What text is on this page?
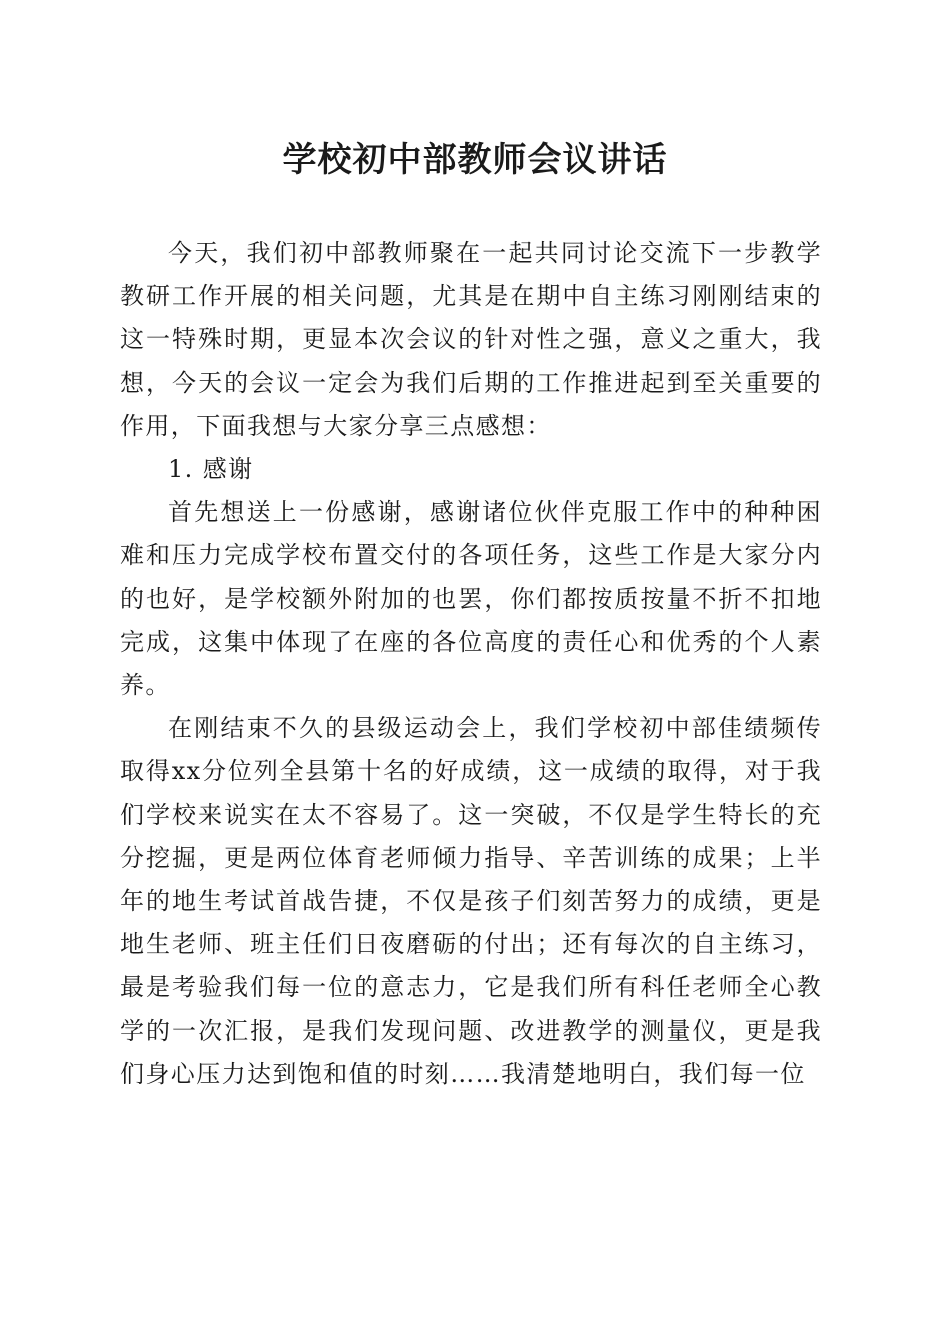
学校初中部教师会议讲话

今天，我们初中部教师聚在一起共同讨论交流下一步教学教研工作开展的相关问题，尤其是在期中自主练习刚刚结束的这一特殊时期，更显本次会议的针对性之强，意义之重大，我想，今天的会议一定会为我们后期的工作推进起到至关重要的作用，下面我想与大家分享三点感想：

1. 感谢

首先想送上一份感谢，感谢诸位伙伴克服工作中的种种困难和压力完成学校布置交付的各项任务，这些工作是大家分内的也好，是学校额外附加的也罢，你们都按质按量不折不扣地完成，这集中体现了在座的各位高度的责任心和优秀的个人素养。

在刚结束不久的县级运动会上，我们学校初中部佳绩频传取得xx分位列全县第十名的好成绩，这一成绩的取得，对于我们学校来说实在太不容易了。这一突破，不仅是学生特长的充分挖掘，更是两位体育老师倾力指导、辛苦训练的成果；上半年的地生考试首战告捷，不仅是孩子们刻苦努力的成绩，更是地生老师、班主任们日夜磨砺的付出；还有每次的自主练习，最是考验我们每一位的意志力，它是我们所有科任老师全心教学的一次汇报，是我们发现问题、改进教学的测量仪，更是我们身心压力达到饱和值的时刻……我清楚地明白，我们每一位
